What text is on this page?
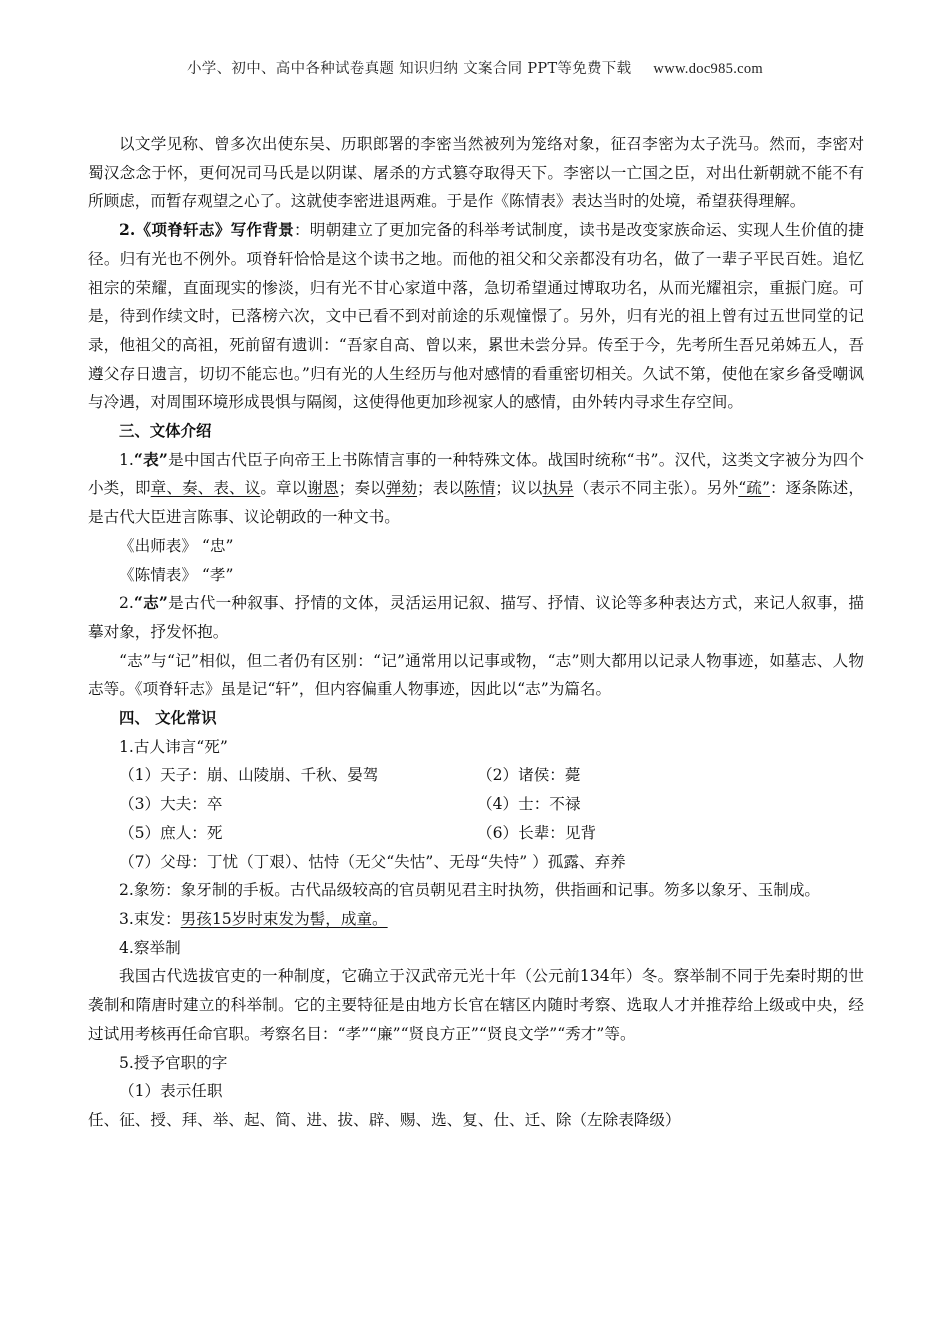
小学、初中、高中各种试卷真题 知识归纳 文案合同 PPT等免费下载 www.doc985.com

以文学见称、曾多次出使东吴、历职郎署的李密当然被列为笼络对象，征召李密为太子洗马。然而，李密对蜀汉念念于怀，更何况司马氏是以阴谋、屠杀的方式篡夺取得天下。李密以一亡国之臣，对出仕新朝就不能不有所顾虑，而暂存观望之心了。这就使李密进退两难。于是作《陈情表》表达当时的处境，希望获得理解。

2.《项脊轩志》写作背景：明朝建立了更加完备的科举考试制度，读书是改变家族命运、实现人生价值的捷径。归有光也不例外。项脊轩恰恰是这个读书之地。而他的祖父和父亲都没有功名，做了一辈子平民百姓。追忆祖宗的荣耀，直面现实的惨淡，归有光不甘心家道中落，急切希望通过博取功名，从而光耀祖宗，重振门庭。可是，待到作续文时，已落榜六次，文中已看不到对前途的乐观憧憬了。另外，归有光的祖上曾有过五世同堂的记录，他祖父的高祖，死前留有遗训：“吾家自高、曾以来，累世未尝分异。传至于今，先考所生吾兄弟姊五人，吾遵父存日遗言，切切不能忘也。”归有光的人生经历与他对感情的看重密切相关。久试不第，使他在家乡备受嘲讽与冷遇，对周围环境形成畏惧与隔阂，这使得他更加珍视家人的感情，由外转内寻求生存空间。

三、文体介绍

1.“表”是中国古代臣子向帝王上书陈情言事的一种特殊文体。战国时统称“书”。汉代，这类文字被分为四个小类，即章、奏、表、议。章以谢恩；奏以弹劾；表以陈情；议以执异（表示不同主张）。另外“疏”：逐条陈述，是古代大臣进言陈事、议论朝政的一种文书。

《出师表》 “忠”

《陈情表》 “孝”

2.“志”是古代一种叙事、抒情的文体，灵活运用记叙、描写、抒情、议论等多种表达方式，来记人叙事，描摹对象，抒发怀抱。

“志”与“记”相似，但二者仍有区别：“记”通常用以记事或物，“志”则大都用以记录人物事迹，如墓志、人物志等。《项脊轩志》虽是记“轩”，但内容偏重人物事迹，因此以“志”为篇名。

四、 文化常识

1.古人讳言“死”

（1）天子：崩、山陵崩、千秋、晏驾	（2）诸侯：薨
（3）大夫：卒	（4）士：不禄
（5）庶人：死	（6）长辈：见背

（7）父母：丁忧（丁艰）、怙恃（无父“失怙”、无母“失恃” ）孤露、弃养

2.象笏：象牙制的手板。古代品级较高的官员朝见君主时执笏，供指画和记事。笏多以象牙、玉制成。

3.束发：男孩15岁时束发为髻，成童。

4.察举制

我国古代选拔官吏的一种制度，它确立于汉武帝元光十年（公元前134年）冬。察举制不同于先秦时期的世袭制和隋唐时建立的科举制。它的主要特征是由地方长官在辖区内随时考察、选取人才并推荐给上级或中央，经过试用考核再任命官职。考察名目：“孝”“廉”“贤良方正”“贤良文学”“秀才”等。

5.授予官职的字

（1）表示任职

任、征、授、拜、举、起、简、进、拔、辟、赐、选、复、仕、迁、除（左除表降级）
